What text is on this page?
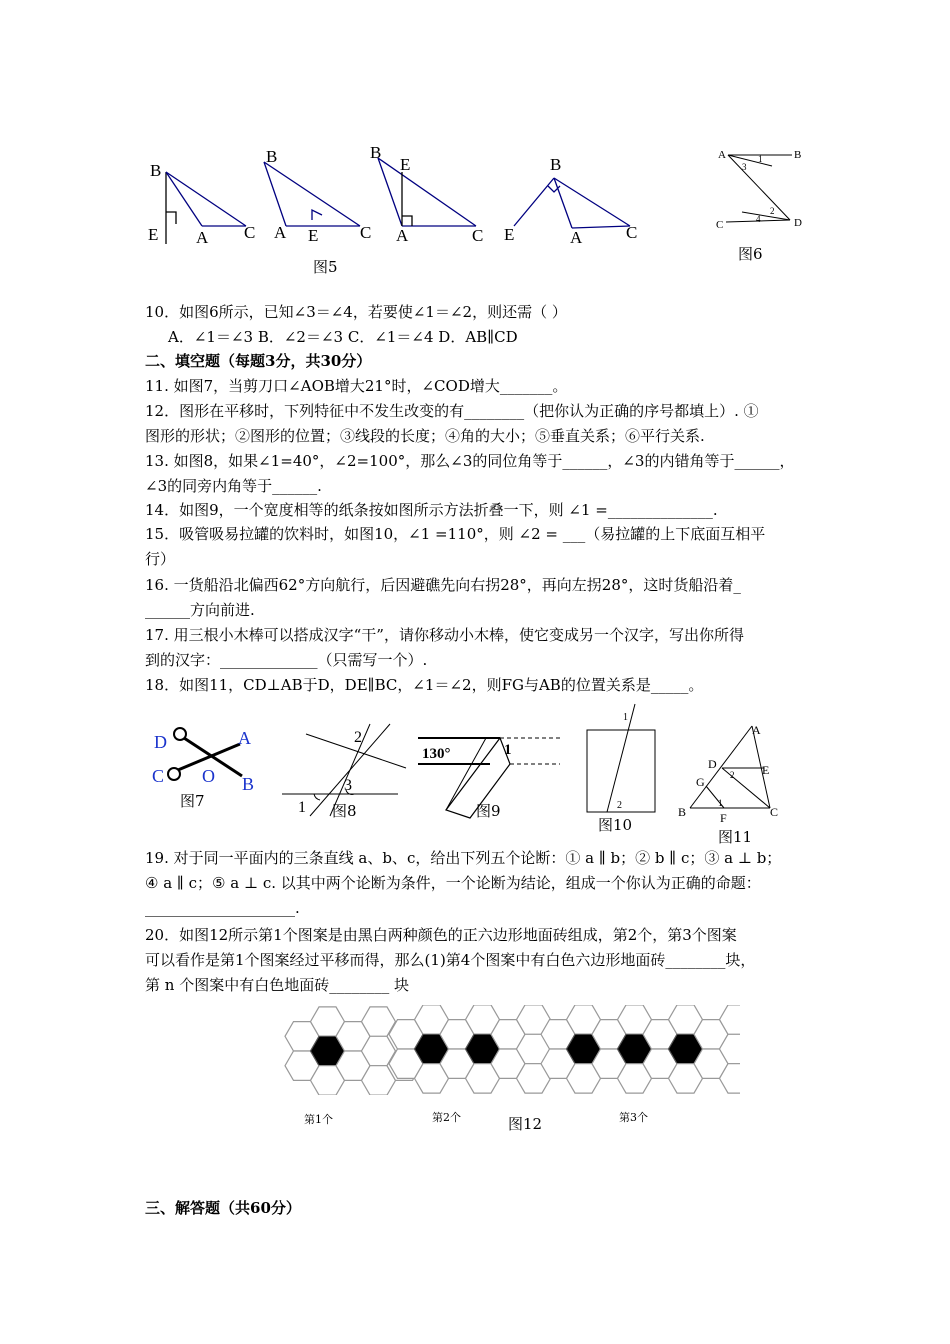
B
E A C
B
A E C
B
E
A	C
B
E	A	C
图5
A	B
C	D
1
3
2
4
图6
10．如图6所示，已知∠3＝∠4，若要使∠1＝∠2，则还需（ ）
A．∠1＝∠3 B．∠2＝∠3 C．∠1＝∠4 D．AB∥CD
二、填空题（每题3分，共30分）
11. 如图7，当剪刀口∠AOB增大21°时，∠COD增大_______。
12．图形在平移时，下列特征中不发生改变的有________（把你认为正确的序号都填上）. ①
图形的形状；②图形的位置；③线段的长度；④角的大小；⑤垂直关系；⑥平行关系.
13. 如图8，如果∠1=40°，∠2=100°，那么∠3的同位角等于______，∠3的内错角等于______，
∠3的同旁内角等于______.
14．如图9，一个宽度相等的纸条按如图所示方法折叠一下，则 ∠1 =______________.
15．吸管吸易拉罐的饮料时，如图10，∠1 =110°，则 ∠2 = ___（易拉罐的上下底面互相平
行）
16. 一货船沿北偏西62°方向航行，后因避礁先向右拐28°，再向左拐28°，这时货船沿着_
______方向前进.
17. 用三根小木棒可以搭成汉字“干”，请你移动小木棒，使它变成另一个汉字，写出你所得
到的汉字：_____________（只需写一个）.
18．如图11，CD⊥AB于D，DE∥BC，∠1＝∠2，则FG与AB的位置关系是_____。
D	A
C O B
图7
2
3
1 图8
130°	1
图9
1
2
图10
A
D	E
G
B	F	C
1
2
图11
19. 对于同一平面内的三条直线 a、b、c，给出下列五个论断：① a ∥ b；② b ∥ c；③ a ⊥ b；
④ a ∥ c；⑤ a ⊥ c. 以其中两个论断为条件，一个论断为结论，组成一个你认为正确的命题：
____________________.
20．如图12所示第1个图案是由黑白两种颜色的正六边形地面砖组成，第2个，第3个图案
可以看作是第1个图案经过平移而得，那么(1)第4个图案中有白色六边形地面砖________块，
第 n 个图案中有白色地面砖________ 块
第1个	第2个	第3个
图12
三、解答题（共60分）
